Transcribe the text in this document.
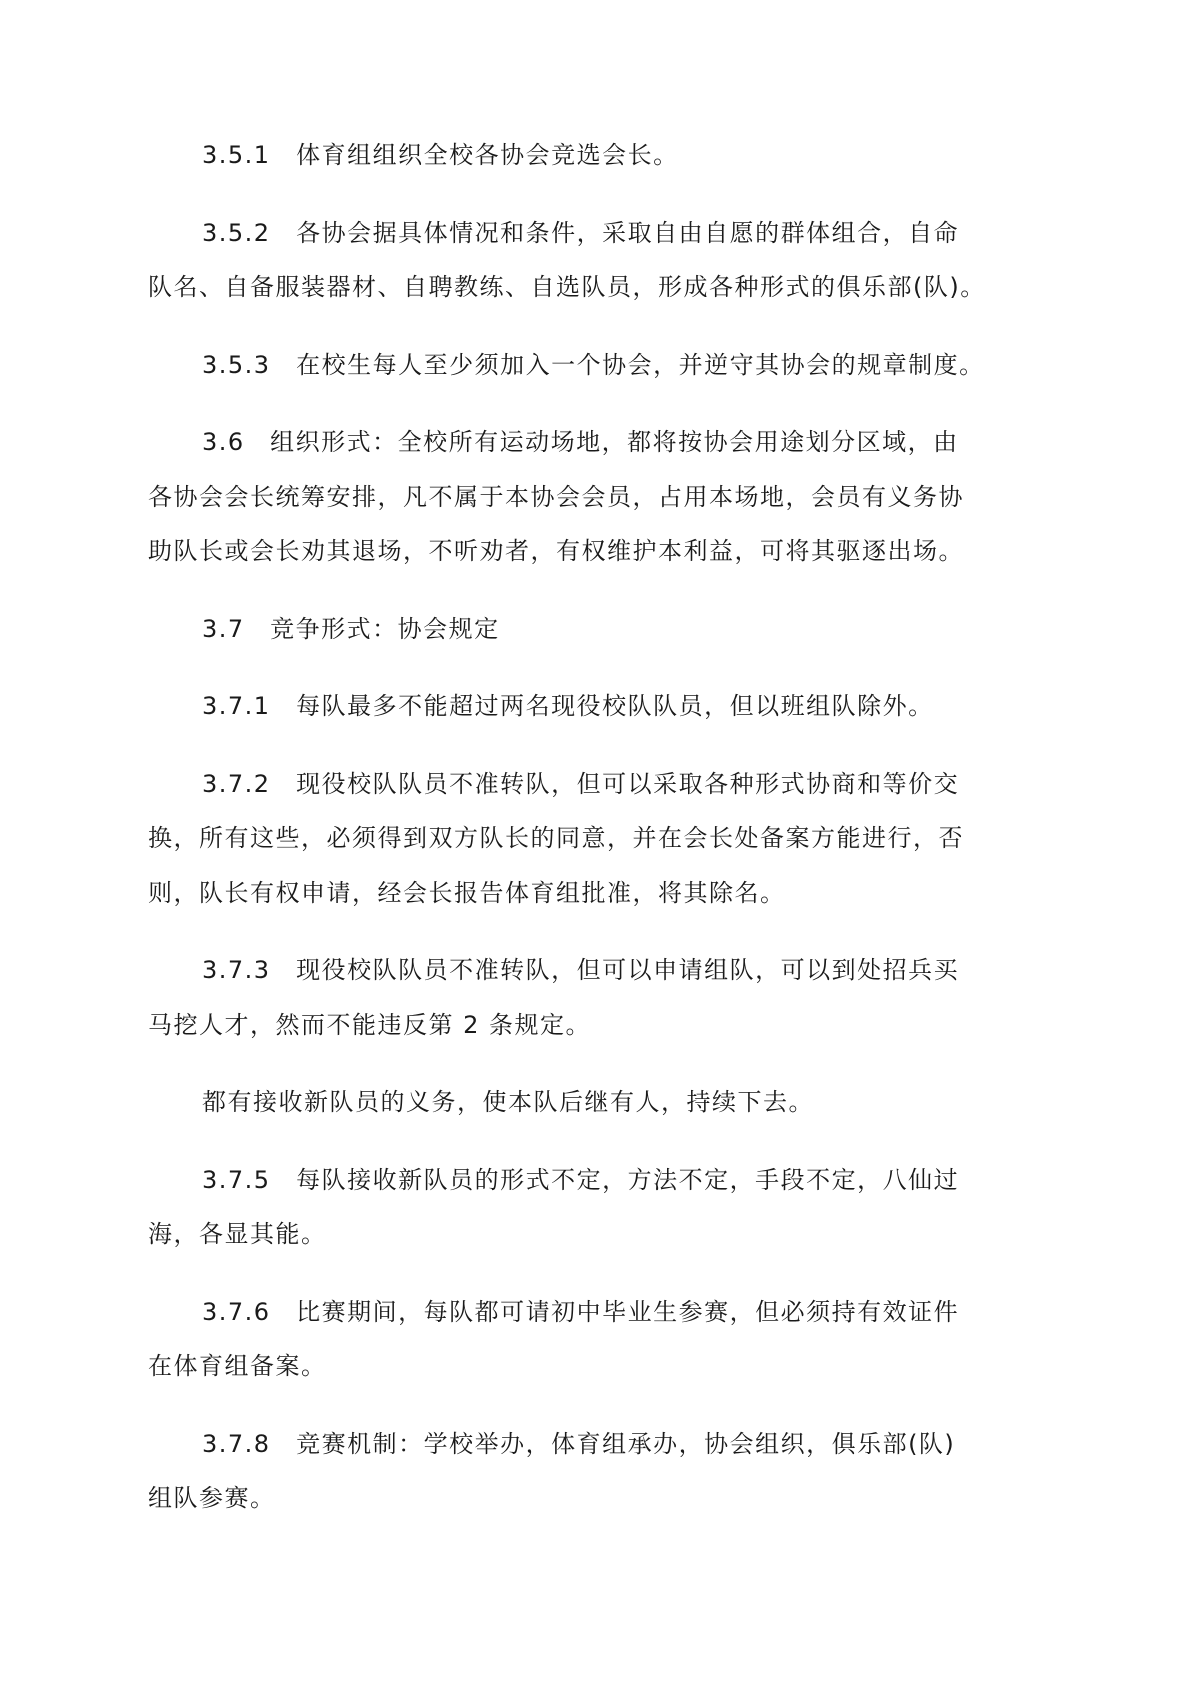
3.5.1　体育组组织全校各协会竞选会长。

3.5.2　各协会据具体情况和条件，采取自由自愿的群体组合，自命
队名、自备服装器材、自聘教练、自选队员，形成各种形式的俱乐部(队)。

3.5.3　在校生每人至少须加入一个协会，并逆守其协会的规章制度。

3.6　组织形式：全校所有运动场地，都将按协会用途划分区域，由
各协会会长统筹安排，凡不属于本协会会员，占用本场地，会员有义务协
助队长或会长劝其退场，不听劝者，有权维护本利益，可将其驱逐出场。

3.7　竞争形式：协会规定

3.7.1　每队最多不能超过两名现役校队队员，但以班组队除外。

3.7.2　现役校队队员不准转队，但可以采取各种形式协商和等价交
换，所有这些，必须得到双方队长的同意，并在会长处备案方能进行，否
则，队长有权申请，经会长报告体育组批准，将其除名。

3.7.3　现役校队队员不准转队，但可以申请组队，可以到处招兵买
马挖人才，然而不能违反第 2 条规定。

都有接收新队员的义务，使本队后继有人，持续下去。

3.7.5　每队接收新队员的形式不定，方法不定，手段不定，八仙过
海，各显其能。

3.7.6　比赛期间，每队都可请初中毕业生参赛，但必须持有效证件
在体育组备案。

3.7.8　竞赛机制：学校举办，体育组承办，协会组织，俱乐部(队)
组队参赛。
